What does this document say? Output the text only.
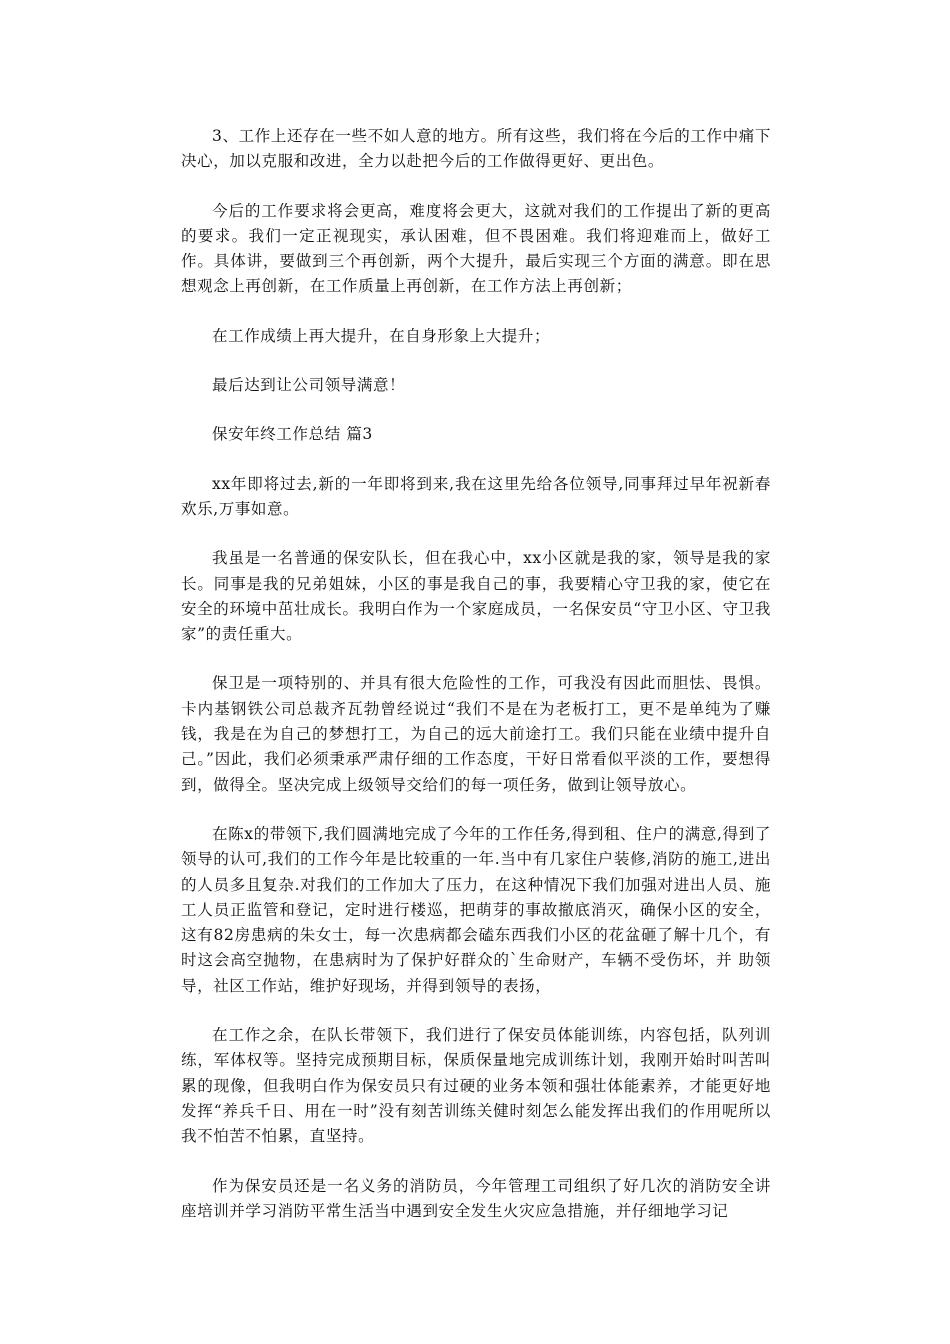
3、工作上还存在一些不如人意的地方。所有这些，我们将在今后的工作中痛下决心，加以克服和改进，全力以赴把今后的工作做得更好、更出色。

今后的工作要求将会更高，难度将会更大，这就对我们的工作提出了新的更高的要求。我们一定正视现实，承认困难，但不畏困难。我们将迎难而上，做好工作。具体讲，要做到三个再创新，两个大提升，最后实现三个方面的满意。即在思想观念上再创新，在工作质量上再创新，在工作方法上再创新；

在工作成绩上再大提升，在自身形象上大提升；

最后达到让公司领导满意！

保安年终工作总结 篇3

xx年即将过去,新的一年即将到来,我在这里先给各位领导,同事拜过早年祝新春欢乐,万事如意。

我虽是一名普通的保安队长，但在我心中，xx小区就是我的家，领导是我的家长。同事是我的兄弟姐妹，小区的事是我自己的事，我要精心守卫我的家，使它在安全的环境中茁壮成长。我明白作为一个家庭成员，一名保安员“守卫小区、守卫我家”的责任重大。

保卫是一项特别的、并具有很大危险性的工作，可我没有因此而胆怯、畏惧。卡内基钢铁公司总裁齐瓦勃曾经说过“我们不是在为老板打工，更不是单纯为了赚钱，我是在为自己的梦想打工，为自己的远大前途打工。我们只能在业绩中提升自己。”因此，我们必须秉承严肃仔细的工作态度，干好日常看似平淡的工作，要想得到，做得全。坚决完成上级领导交给们的每一项任务，做到让领导放心。

在陈x的带领下,我们圆满地完成了今年的工作任务,得到租、住户的满意,得到了领导的认可,我们的工作今年是比较重的一年.当中有几家住户装修,消防的施工,进出的人员多且复杂.对我们的工作加大了压力，在这种情况下我们加强对进出人员、施工人员正监管和登记，定时进行楼巡，把萌芽的事故撤底消灭，确保小区的安全，这有82房患病的朱女士，每一次患病都会磕东西我们小区的花盆砸了解十几个，有时这会高空抛物，在患病时为了保护好群众的`生命财产，车辆不受伤坏，并 助领导，社区工作站，维护好现场，并得到领导的表扬，

在工作之余，在队长带领下，我们进行了保安员体能训练，内容包括，队列训练，军体权等。坚持完成预期目标，保质保量地完成训练计划，我刚开始时叫苦叫累的现像，但我明白作为保安员只有过硬的业务本领和强壮体能素养，才能更好地发挥“养兵千日、用在一时”没有刻苦训练关健时刻怎么能发挥出我们的作用呢所以我不怕苦不怕累，直坚持。

作为保安员还是一名义务的消防员，今年管理工司组织了好几次的消防安全讲座培训并学习消防平常生活当中遇到安全发生火灾应急措施，并仔细地学习记
